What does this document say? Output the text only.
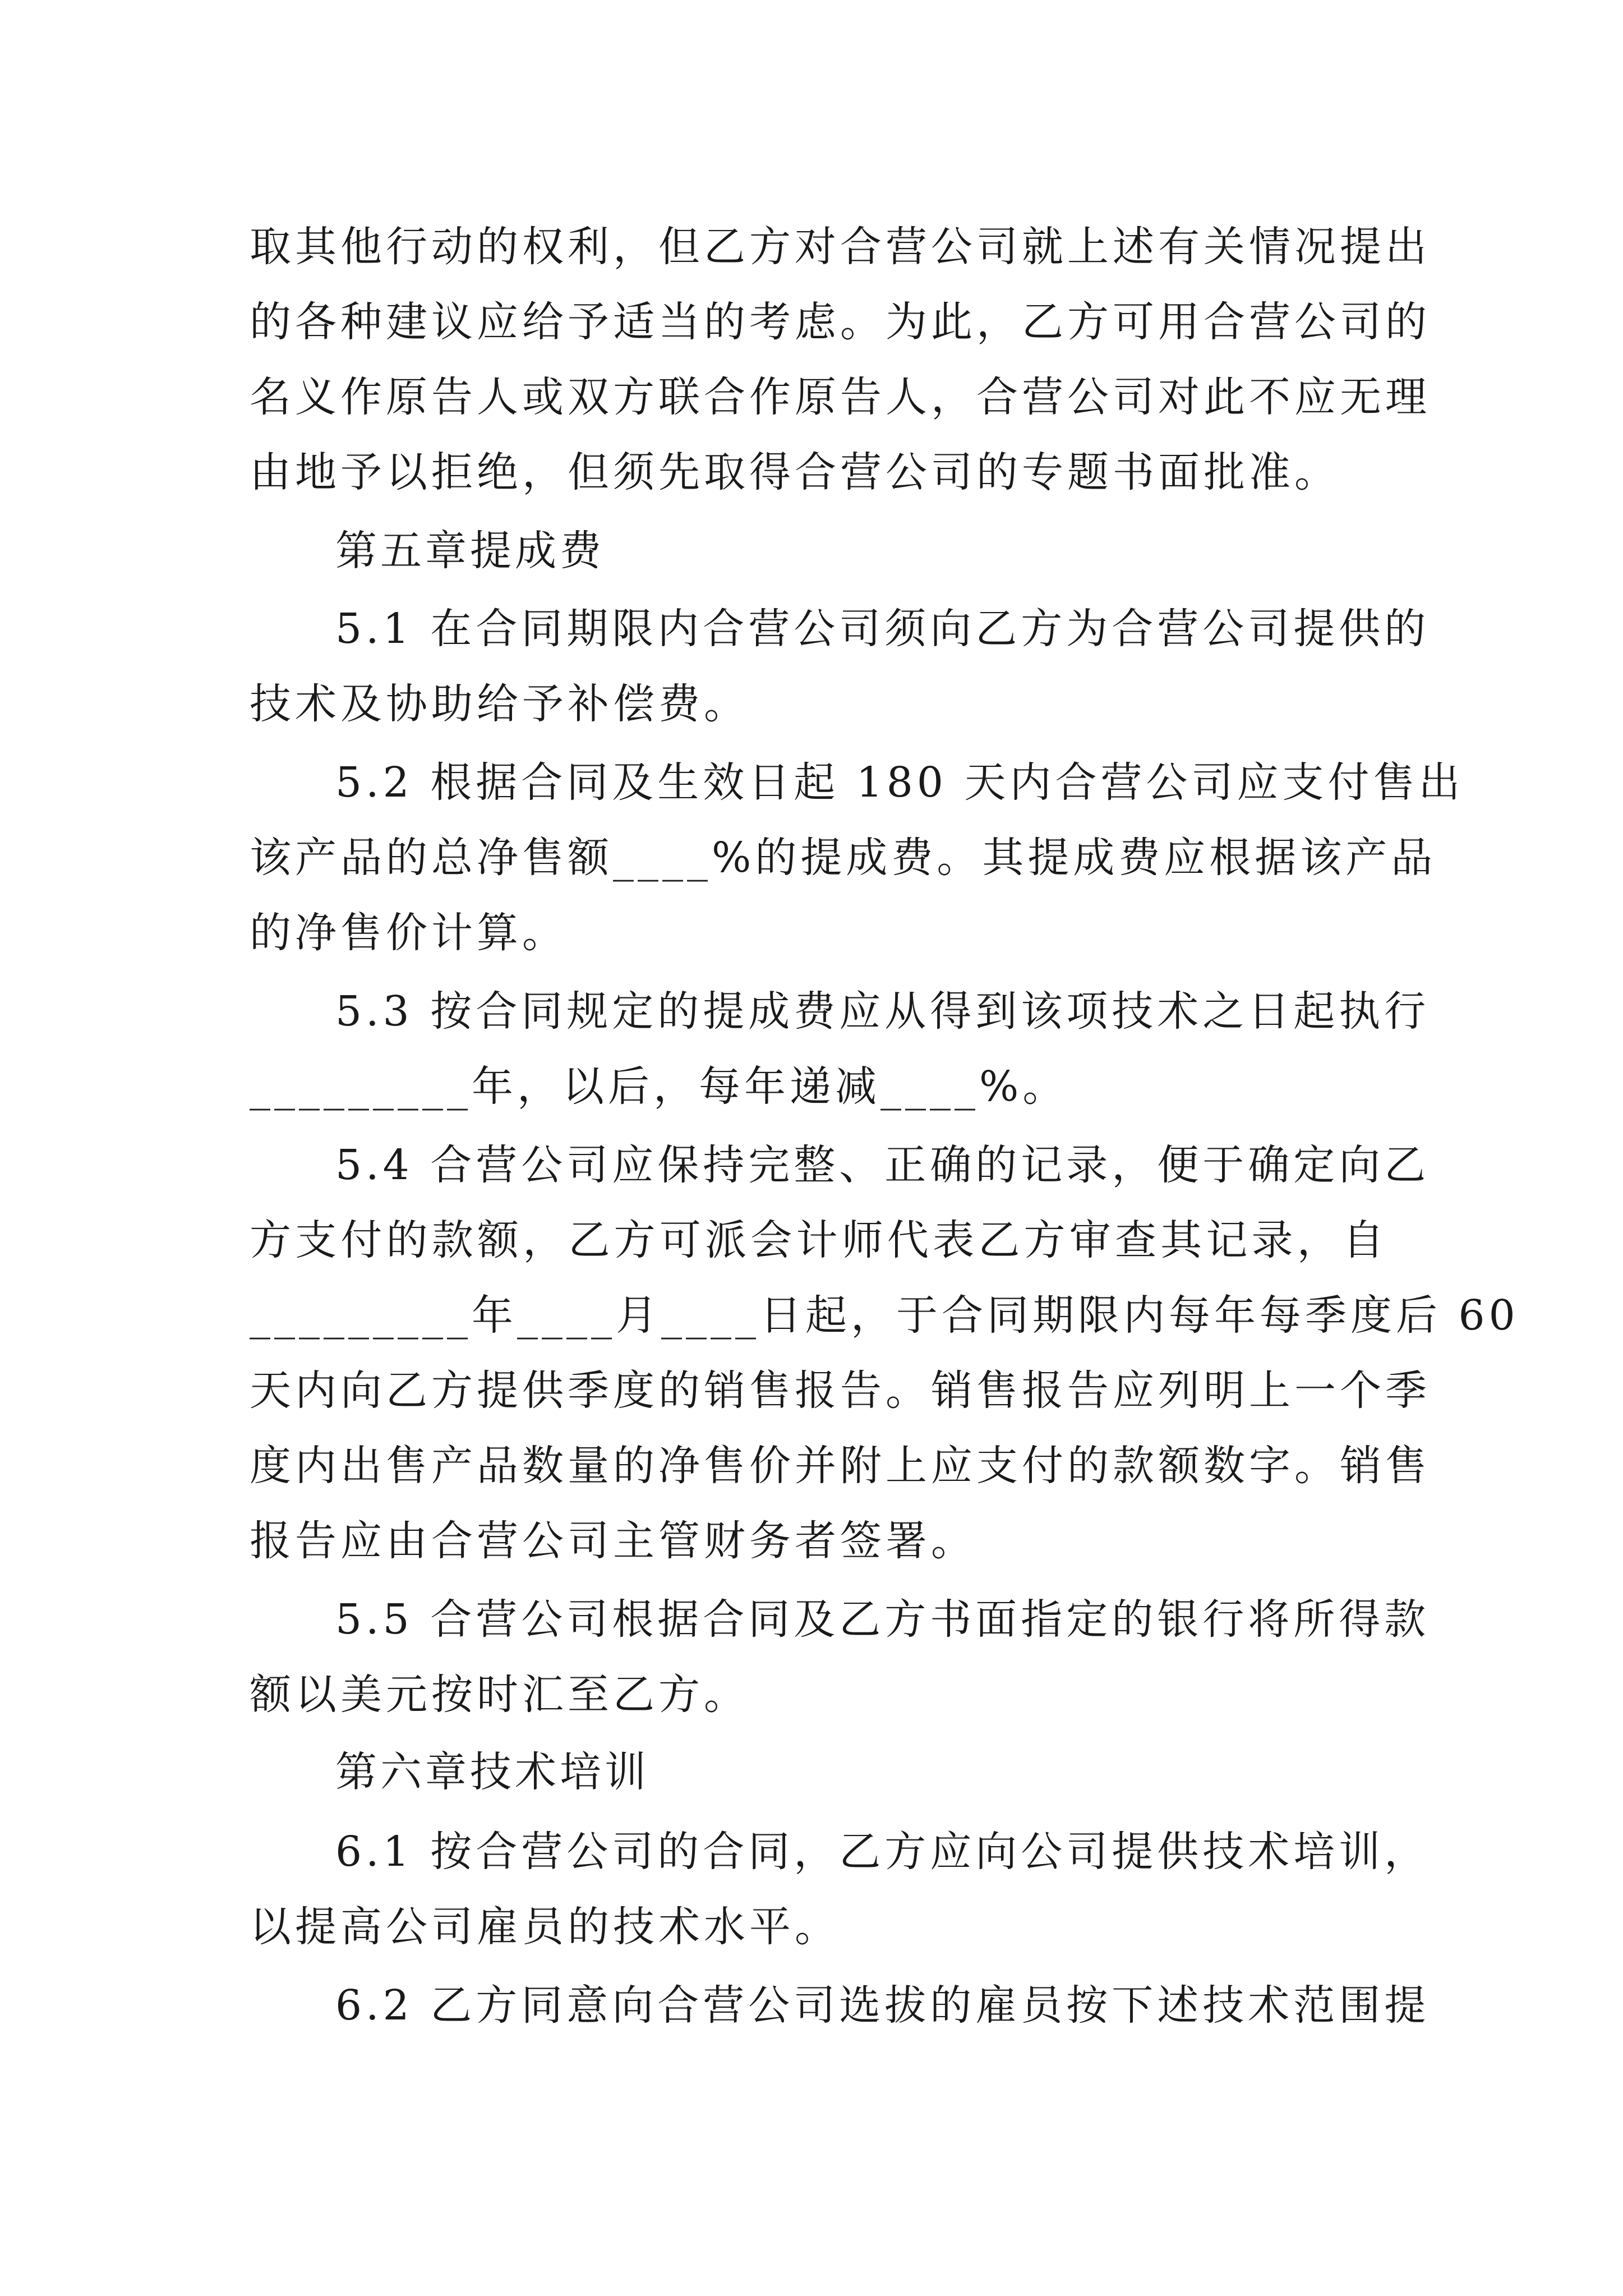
取其他行动的权利，但乙方对合营公司就上述有关情况提出
的各种建议应给予适当的考虑。为此，乙方可用合营公司的
名义作原告人或双方联合作原告人，合营公司对此不应无理
由地予以拒绝，但须先取得合营公司的专题书面批准。
第五章提成费
5.1 在合同期限内合营公司须向乙方为合营公司提供的
技术及协助给予补偿费。
5.2 根据合同及生效日起 180 天内合营公司应支付售出
该产品的总净售额____%的提成费。其提成费应根据该产品
的净售价计算。
5.3 按合同规定的提成费应从得到该项技术之日起执行
_________年，以后，每年递减____%。
5.4 合营公司应保持完整、正确的记录，便于确定向乙
方支付的款额，乙方可派会计师代表乙方审查其记录，自
_________年____月____日起，于合同期限内每年每季度后 60
天内向乙方提供季度的销售报告。销售报告应列明上一个季
度内出售产品数量的净售价并附上应支付的款额数字。销售
报告应由合营公司主管财务者签署。
5.5 合营公司根据合同及乙方书面指定的银行将所得款
额以美元按时汇至乙方。
第六章技术培训
6.1 按合营公司的合同，乙方应向公司提供技术培训，
以提高公司雇员的技术水平。
6.2 乙方同意向合营公司选拔的雇员按下述技术范围提
